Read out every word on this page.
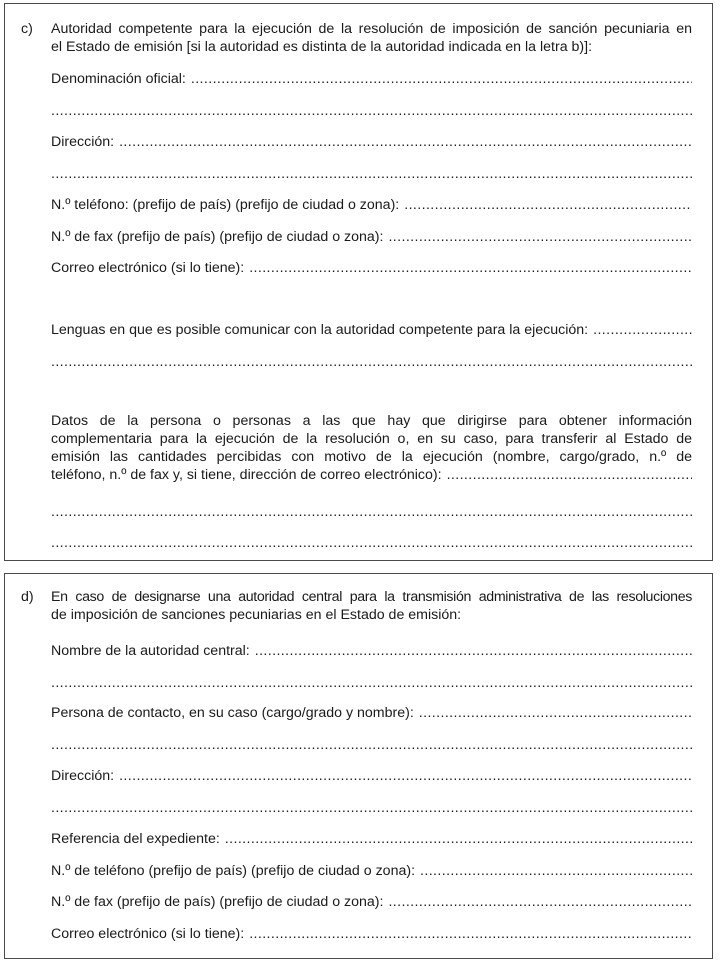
c) Autoridad competente para la ejecución de la resolución de imposición de sanción pecuniaria en
el Estado de emisión [si la autoridad es distinta de la autoridad indicada en la letra b)]:
Denominación oficial:
.....
.....
Dirección:
.....
.....
N.º teléfono: (prefijo de país) (prefijo de ciudad o zona):
.....
N.º de fax (prefijo de país) (prefijo de ciudad o zona):
.....
Correo electrónico (si lo tiene):
.....
Lenguas en que es posible comunicar con la autoridad competente para la ejecución:
.....
.....
Datos de la persona o personas a las que hay que dirigirse para obtener información
complementaria para la ejecución de la resolución o, en su caso, para transferir al Estado de
emisión las cantidades percibidas con motivo de la ejecución (nombre, cargo/grado, n.º de
teléfono, n.º de fax y, si tiene, dirección de correo electrónico):
.....
.....
.....
d) En caso de designarse una autoridad central para la transmisión administrativa de las resoluciones
de imposición de sanciones pecuniarias en el Estado de emisión:
Nombre de la autoridad central:
.....
.....
Persona de contacto, en su caso (cargo/grado y nombre):
.....
.....
Dirección:
.....
.....
Referencia del expediente:
.....
N.º de teléfono (prefijo de país) (prefijo de ciudad o zona):
.....
N.º de fax (prefijo de país) (prefijo de ciudad o zona):
.....
Correo electrónico (si lo tiene):
.....
